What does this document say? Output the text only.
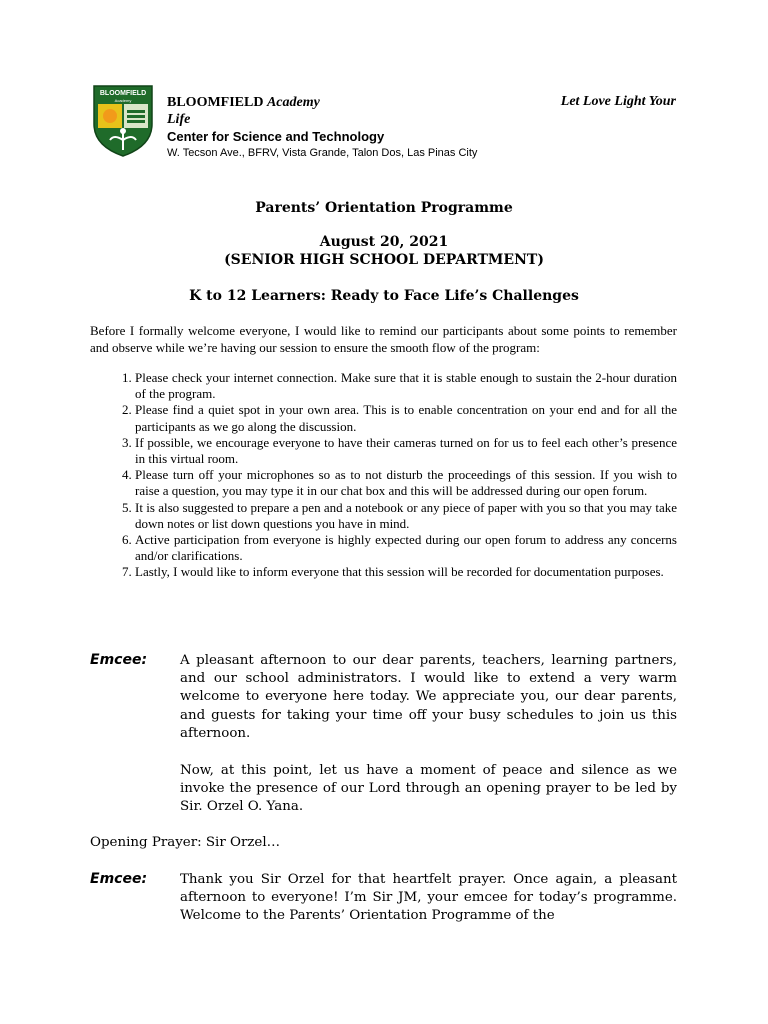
BLOOMFIELD
Academy	BLOOMFIELD Academy	Let Love Light Your
Life
Center for Science and Technology
W. Tecson Ave., BFRV, Vista Grande, Talon Dos, Las Pinas City
Parents’ Orientation Programme
August 20, 2021
(SENIOR HIGH SCHOOL DEPARTMENT)
K to 12 Learners: Ready to Face Life’s Challenges
Before I formally welcome everyone, I would like to remind our participants about some points to remember and observe while we’re having our session to ensure the smooth flow of the program:
1. Please check your internet connection. Make sure that it is stable enough to sustain the 2-hour duration of the program.
2. Please find a quiet spot in your own area. This is to enable concentration on your end and for all the participants as we go along the discussion.
3. If possible, we encourage everyone to have their cameras turned on for us to feel each other’s presence in this virtual room.
4. Please turn off your microphones so as to not disturb the proceedings of this session. If you wish to raise a question, you may type it in our chat box and this will be addressed during our open forum.
5. It is also suggested to prepare a pen and a notebook or any piece of paper with you so that you may take down notes or list down questions you have in mind.
6. Active participation from everyone is highly expected during our open forum to address any concerns and/or clarifications.
7. Lastly, I would like to inform everyone that this session will be recorded for documentation purposes.
Emcee: A pleasant afternoon to our dear parents, teachers, learning partners, and our school administrators. I would like to extend a very warm welcome to everyone here today. We appreciate you, our dear parents, and guests for taking your time off your busy schedules to join us this afternoon.

Now, at this point, let us have a moment of peace and silence as we invoke the presence of our Lord through an opening prayer to be led by Sir. Orzel O. Yana.

Opening Prayer: Sir Orzel…
Emcee: Thank you Sir Orzel for that heartfelt prayer. Once again, a pleasant afternoon to everyone! I’m Sir JM, your emcee for today’s programme. Welcome to the Parents’ Orientation Programme of the
